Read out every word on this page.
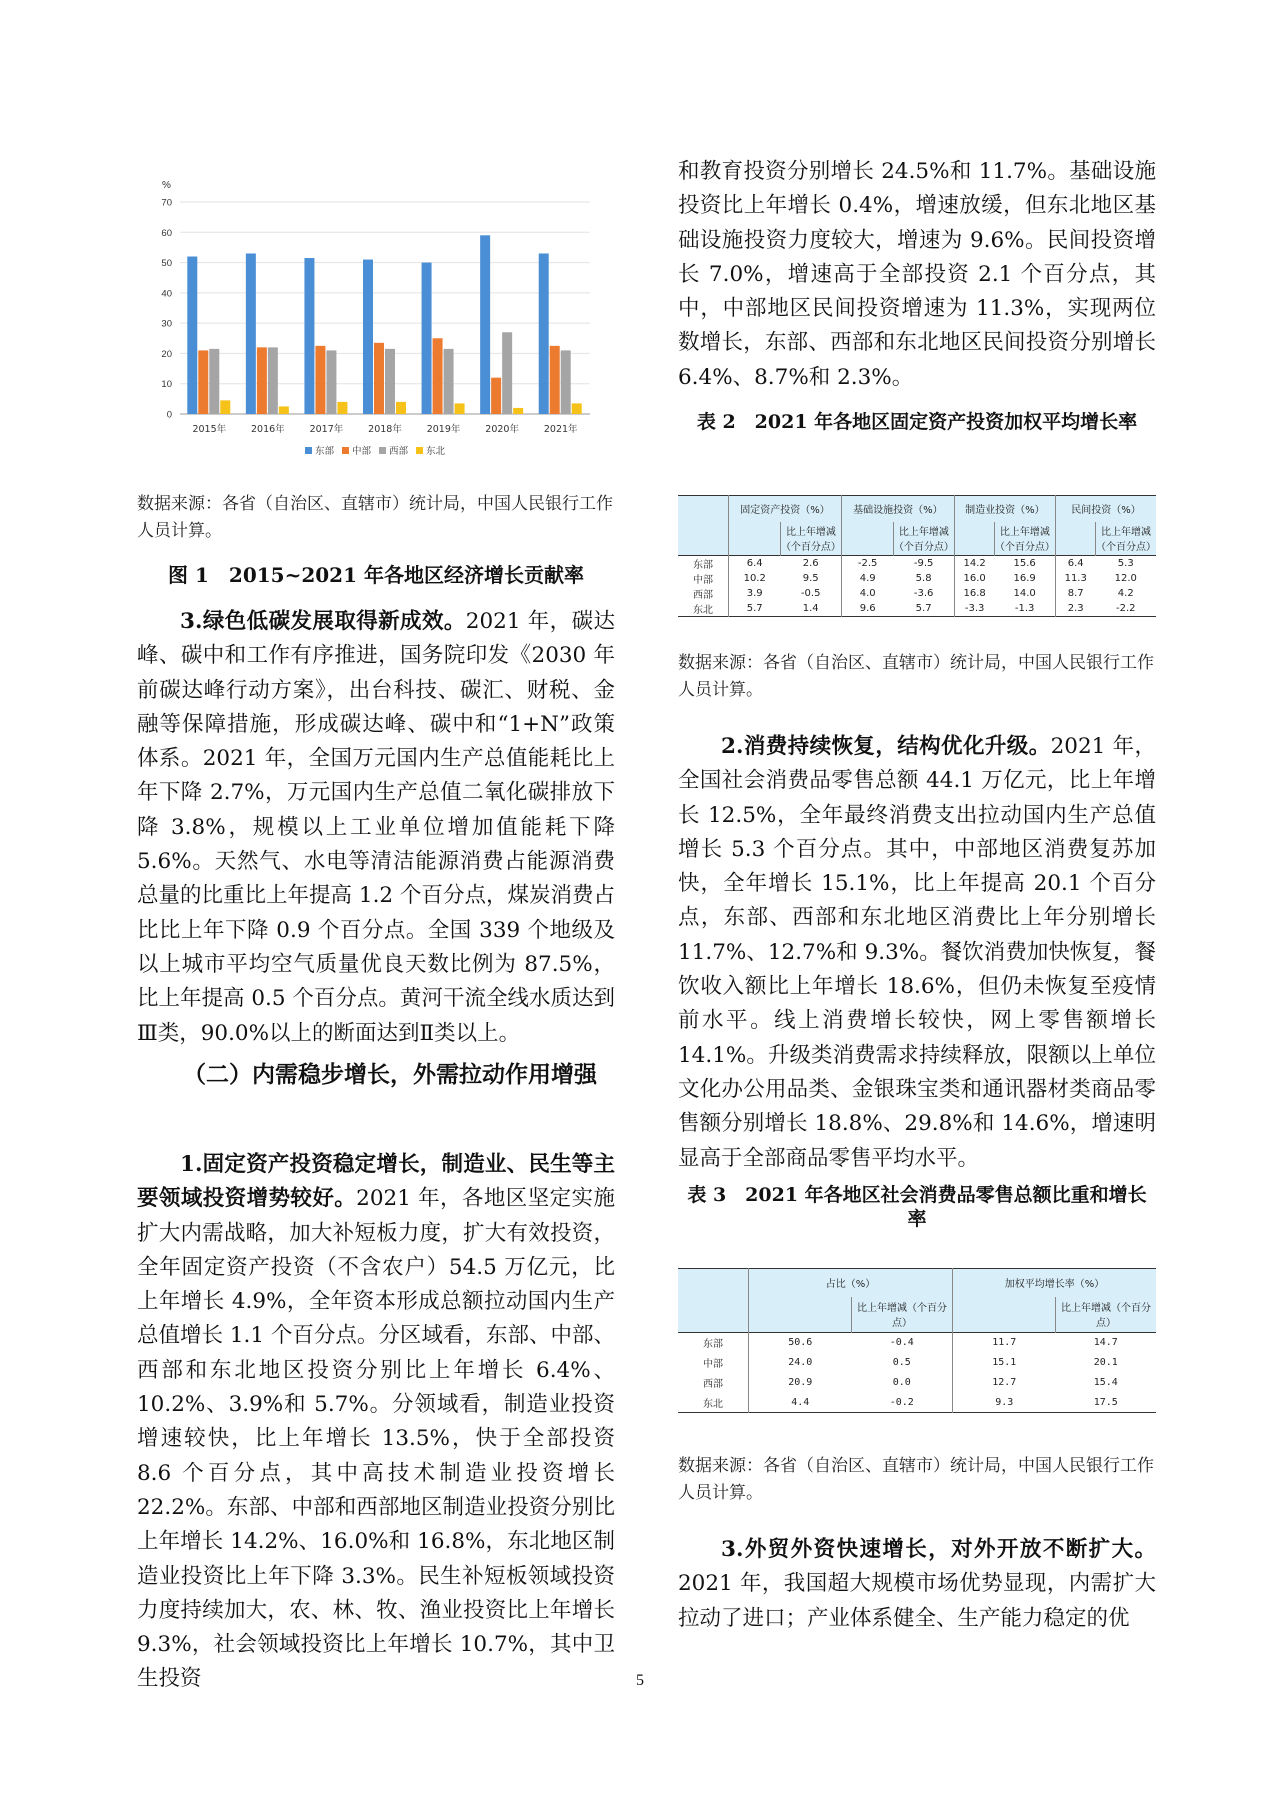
%
0
10
20
30
40
50
60
70
2015年	2016年	2017年	2018年	2019年	2020年	2021年
东部 中部 西部 东北
数据来源：各省（自治区、直辖市）统计局，中国人民银行工作人员计算。
图 1　2015~2021 年各地区经济增长贡献率
3.绿色低碳发展取得新成效。2021 年，碳达峰、碳中和工作有序推进，国务院印发《2030 年前碳达峰行动方案》，出台科技、碳汇、财税、金融等保障措施，形成碳达峰、碳中和“1+N”政策体系。2021 年，全国万元国内生产总值能耗比上年下降 2.7%，万元国内生产总值二氧化碳排放下降 3.8%，规模以上工业单位增加值能耗下降 5.6%。天然气、水电等清洁能源消费占能源消费总量的比重比上年提高 1.2 个百分点，煤炭消费占比比上年下降 0.9 个百分点。全国 339 个地级及以上城市平均空气质量优良天数比例为 87.5%，比上年提高 0.5 个百分点。黄河干流全线水质达到Ⅲ类，90.0%以上的断面达到Ⅱ类以上。
（二）内需稳步增长，外需拉动作用增强
1.固定资产投资稳定增长，制造业、民生等主要领域投资增势较好。2021 年，各地区坚定实施扩大内需战略，加大补短板力度，扩大有效投资，全年固定资产投资（不含农户）54.5 万亿元，比上年增长 4.9%，全年资本形成总额拉动国内生产总值增长 1.1 个百分点。分区域看，东部、中部、西部和东北地区投资分别比上年增长 6.4%、10.2%、3.9%和 5.7%。分领域看，制造业投资增速较快，比上年增长 13.5%，快于全部投资 8.6 个百分点，其中高技术制造业投资增长 22.2%。东部、中部和西部地区制造业投资分别比上年增长 14.2%、16.0%和 16.8%，东北地区制造业投资比上年下降 3.3%。民生补短板领域投资力度持续加大，农、林、牧、渔业投资比上年增长 9.3%，社会领域投资比上年增长 10.7%，其中卫生投资
和教育投资分别增长 24.5%和 11.7%。基础设施投资比上年增长 0.4%，增速放缓，但东北地区基础设施投资力度较大，增速为 9.6%。民间投资增长 7.0%，增速高于全部投资 2.1 个百分点，其中，中部地区民间投资增速为 11.3%，实现两位数增长，东部、西部和东北地区民间投资分别增长 6.4%、8.7%和 2.3%。
表 2　2021 年各地区固定资产投资加权平均增长率
	固定资产投资（%）		基础设施投资（%）		制造业投资（%）		民间投资（%）	
		比上年增减（个百分点）		比上年增减（个百分点）		比上年增减（个百分点）		比上年增减（个百分点）
东部	6.4	2.6	-2.5	-9.5	14.2	15.6	6.4	5.3
中部	10.2	9.5	4.9	5.8	16.0	16.9	11.3	12.0
西部	3.9	-0.5	4.0	-3.6	16.8	14.0	8.7	4.2
东北	5.7	1.4	9.6	5.7	-3.3	-1.3	2.3	-2.2
数据来源：各省（自治区、直辖市）统计局，中国人民银行工作人员计算。
2.消费持续恢复，结构优化升级。2021 年，全国社会消费品零售总额 44.1 万亿元，比上年增长 12.5%，全年最终消费支出拉动国内生产总值增长 5.3 个百分点。其中，中部地区消费复苏加快，全年增长 15.1%，比上年提高 20.1 个百分点，东部、西部和东北地区消费比上年分别增长 11.7%、12.7%和 9.3%。餐饮消费加快恢复，餐饮收入额比上年增长 18.6%，但仍未恢复至疫情前水平。线上消费增长较快，网上零售额增长 14.1%。升级类消费需求持续释放，限额以上单位文化办公用品类、金银珠宝类和通讯器材类商品零售额分别增长 18.8%、29.8%和 14.6%，增速明显高于全部商品零售平均水平。
表 3　2021 年各地区社会消费品零售总额比重和增长率
	占比（%）		加权平均增长率（%）	
		比上年增减（个百分点）		比上年增减（个百分点）
东部	50.6	-0.4	11.7	14.7
中部	24.0	0.5	15.1	20.1
西部	20.9	0.0	12.7	15.4
东北	4.4	-0.2	9.3	17.5
数据来源：各省（自治区、直辖市）统计局，中国人民银行工作人员计算。
3.外贸外资快速增长，对外开放不断扩大。2021 年，我国超大规模市场优势显现，内需扩大拉动了进口；产业体系健全、生产能力稳定的优
5
